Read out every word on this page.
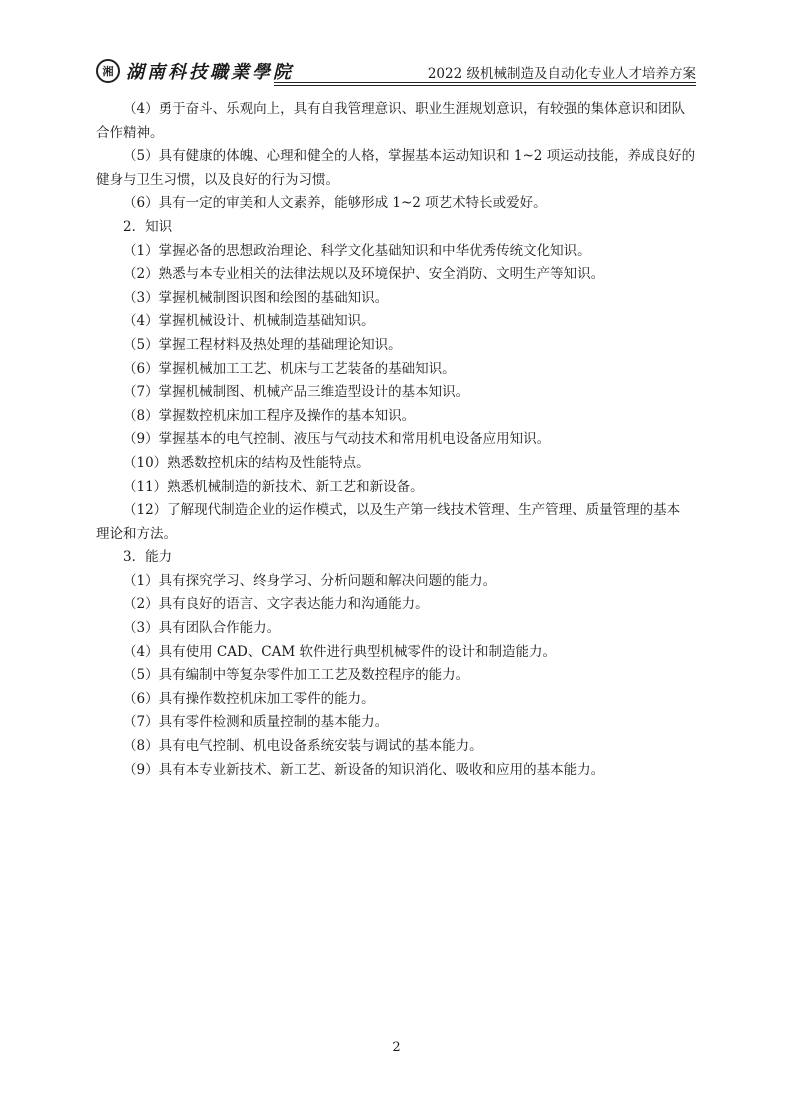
湘 湖南科技職業學院	2022 级机械制造及自动化专业人才培养方案

（4）勇于奋斗、乐观向上，具有自我管理意识、职业生涯规划意识，有较强的集体意识和团队

合作精神。

（5）具有健康的体魄、心理和健全的人格，掌握基本运动知识和 1~2 项运动技能，养成良好的

健身与卫生习惯，以及良好的行为习惯。

（6）具有一定的审美和人文素养，能够形成 1~2 项艺术特长或爱好。

2．知识

（1）掌握必备的思想政治理论、科学文化基础知识和中华优秀传统文化知识。

（2）熟悉与本专业相关的法律法规以及环境保护、安全消防、文明生产等知识。

（3）掌握机械制图识图和绘图的基础知识。

（4）掌握机械设计、机械制造基础知识。

（5）掌握工程材料及热处理的基础理论知识。

（6）掌握机械加工工艺、机床与工艺装备的基础知识。

（7）掌握机械制图、机械产品三维造型设计的基本知识。

（8）掌握数控机床加工程序及操作的基本知识。

（9）掌握基本的电气控制、液压与气动技术和常用机电设备应用知识。

（10）熟悉数控机床的结构及性能特点。

（11）熟悉机械制造的新技术、新工艺和新设备。

（12）了解现代制造企业的运作模式，以及生产第一线技术管理、生产管理、质量管理的基本

理论和方法。

3．能力

（1）具有探究学习、终身学习、分析问题和解决问题的能力。

（2）具有良好的语言、文字表达能力和沟通能力。

（3）具有团队合作能力。

（4）具有使用 CAD、CAM 软件进行典型机械零件的设计和制造能力。

（5）具有编制中等复杂零件加工工艺及数控程序的能力。

（6）具有操作数控机床加工零件的能力。

（7）具有零件检测和质量控制的基本能力。

（8）具有电气控制、机电设备系统安装与调试的基本能力。

（9）具有本专业新技术、新工艺、新设备的知识消化、吸收和应用的基本能力。

2
